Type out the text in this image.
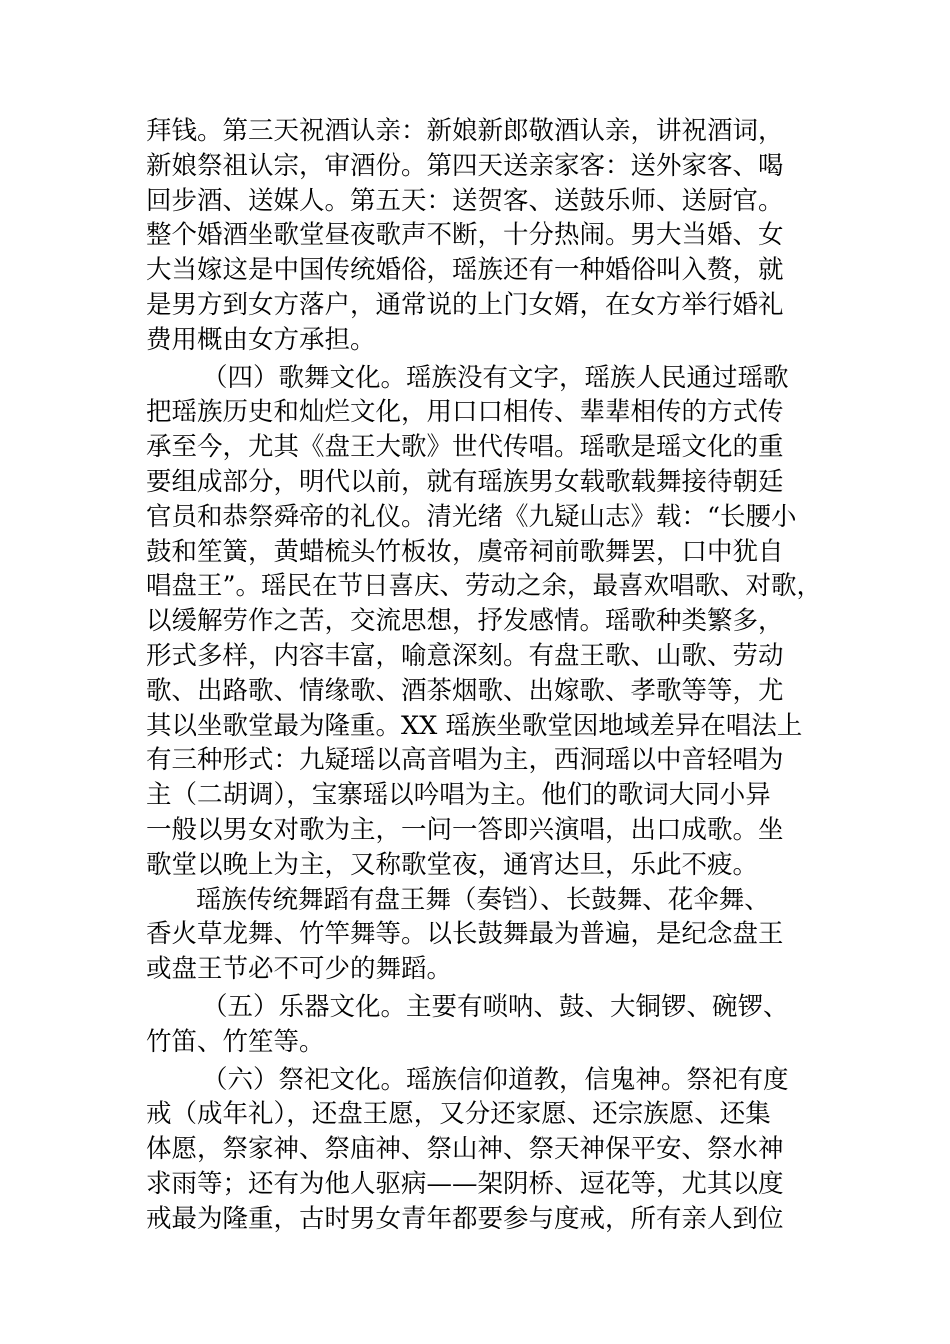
拜钱。第三天祝酒认亲：新娘新郎敬酒认亲，讲祝酒词，
新娘祭祖认宗，审酒份。第四天送亲家客：送外家客、喝
回步酒、送媒人。第五天：送贺客、送鼓乐师、送厨官。
整个婚酒坐歌堂昼夜歌声不断，十分热闹。男大当婚、女
大当嫁这是中国传统婚俗，瑶族还有一种婚俗叫入赘，就
是男方到女方落户，通常说的上门女婿，在女方举行婚礼
费用概由女方承担。
（四）歌舞文化。瑶族没有文字，瑶族人民通过瑶歌
把瑶族历史和灿烂文化，用口口相传、辈辈相传的方式传
承至今，尤其《盘王大歌》世代传唱。瑶歌是瑶文化的重
要组成部分，明代以前，就有瑶族男女载歌载舞接待朝廷
官员和恭祭舜帝的礼仪。清光绪《九疑山志》载：“长腰小
鼓和笙簧，黄蜡梳头竹板妆，虞帝祠前歌舞罢，口中犹自
唱盘王”。瑶民在节日喜庆、劳动之余，最喜欢唱歌、对歌，
以缓解劳作之苦，交流思想，抒发感情。瑶歌种类繁多，
形式多样，内容丰富，喻意深刻。有盘王歌、山歌、劳动
歌、出路歌、情缘歌、酒茶烟歌、出嫁歌、孝歌等等，尤
其以坐歌堂最为隆重。XX 瑶族坐歌堂因地域差异在唱法上
有三种形式：九疑瑶以高音唱为主，西洞瑶以中音轻唱为
主（二胡调），宝寨瑶以吟唱为主。他们的歌词大同小异
一般以男女对歌为主，一问一答即兴演唱，出口成歌。坐
歌堂以晚上为主，又称歌堂夜，通宵达旦，乐此不疲。
瑶族传统舞蹈有盘王舞（奏铛）、长鼓舞、花伞舞、
香火草龙舞、竹竿舞等。以长鼓舞最为普遍，是纪念盘王
或盘王节必不可少的舞蹈。
（五）乐器文化。主要有唢呐、鼓、大铜锣、碗锣、
竹笛、竹笙等。
（六）祭祀文化。瑶族信仰道教，信鬼神。祭祀有度
戒（成年礼），还盘王愿，又分还家愿、还宗族愿、还集
体愿，祭家神、祭庙神、祭山神、祭天神保平安、祭水神
求雨等；还有为他人驱病——架阴桥、逗花等，尤其以度
戒最为隆重，古时男女青年都要参与度戒，所有亲人到位
